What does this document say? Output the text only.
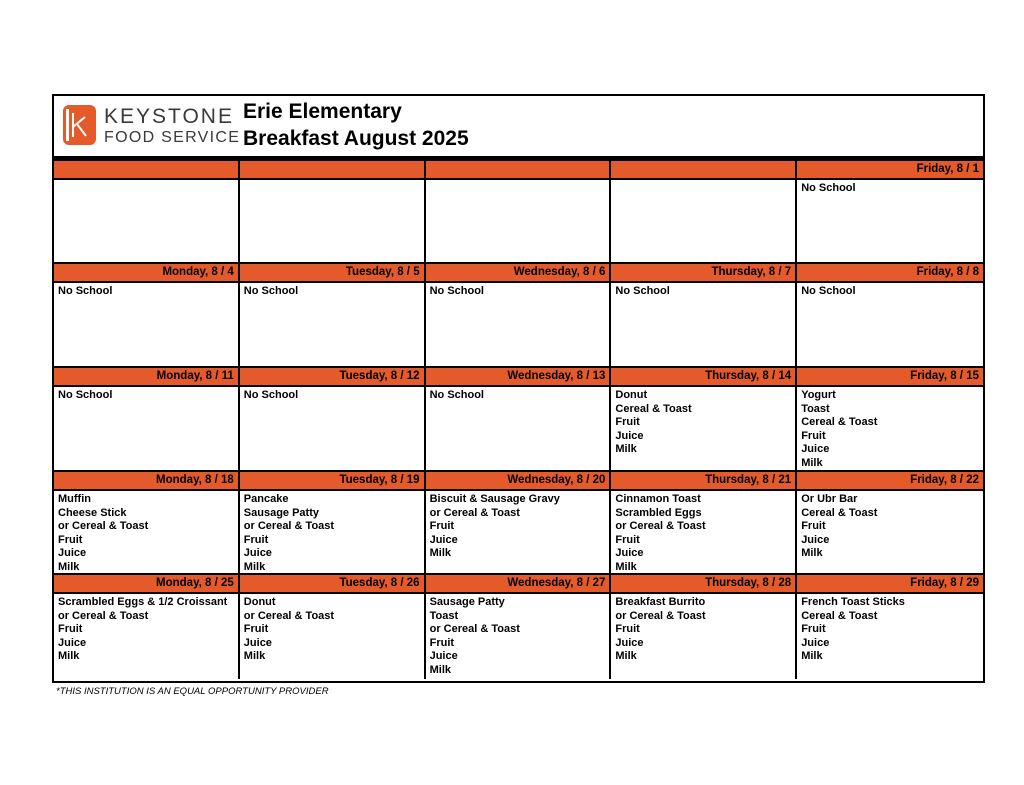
KEYSTONE
FOOD SERVICE
Erie Elementary
Breakfast August 2025
Friday, 8 / 1
No School
Monday, 8 / 4
No School
Tuesday, 8 / 5
No School
Wednesday, 8 / 6
No School
Thursday, 8 / 7
No School
Friday, 8 / 8
No School
Monday, 8 / 11
No School
Tuesday, 8 / 12
No School
Wednesday, 8 / 13
No School
Thursday, 8 / 14
Donut
Cereal & Toast
Fruit
Juice
Milk
Friday, 8 / 15
Yogurt
Toast
Cereal & Toast
Fruit
Juice
Milk
Monday, 8 / 18
Muffin
Cheese Stick
or Cereal & Toast
Fruit
Juice
Milk
Tuesday, 8 / 19
Pancake
Sausage Patty
or Cereal & Toast
Fruit
Juice
Milk
Wednesday, 8 / 20
Biscuit & Sausage Gravy
or Cereal & Toast
Fruit
Juice
Milk
Thursday, 8 / 21
Cinnamon Toast
Scrambled Eggs
or Cereal & Toast
Fruit
Juice
Milk
Friday, 8 / 22
Or Ubr Bar
Cereal & Toast
Fruit
Juice
Milk
Monday, 8 / 25
Scrambled Eggs & 1/2 Croissant
or Cereal & Toast
Fruit
Juice
Milk
Tuesday, 8 / 26
Donut
or Cereal & Toast
Fruit
Juice
Milk
Wednesday, 8 / 27
Sausage Patty
Toast
or Cereal & Toast
Fruit
Juice
Milk
Thursday, 8 / 28
Breakfast Burrito
or Cereal & Toast
Fruit
Juice
Milk
Friday, 8 / 29
French Toast Sticks
Cereal & Toast
Fruit
Juice
Milk
*THIS INSTITUTION IS AN EQUAL OPPORTUNITY PROVIDER
